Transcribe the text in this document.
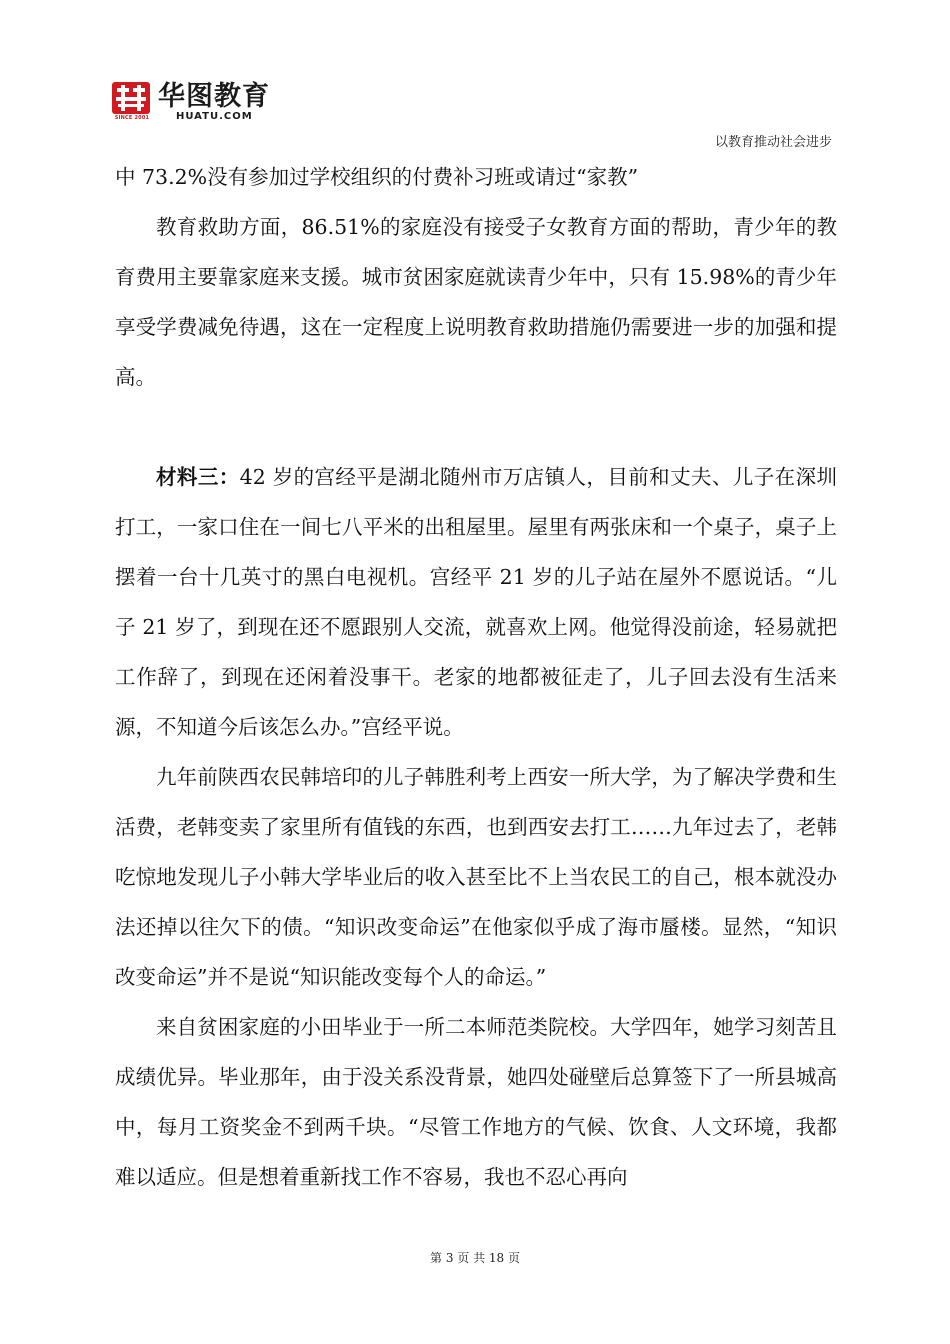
SINCE 2001
华图教育
HUATU.COM
以教育推动社会进步

中 73.2%没有参加过学校组织的付费补习班或请过“家教”

教育救助方面，86.51%的家庭没有接受子女教育方面的帮助，青少年的教育费用主要靠家庭来支援。城市贫困家庭就读青少年中，只有 15.98%的青少年享受学费减免待遇，这在一定程度上说明教育救助措施仍需要进一步的加强和提高。

材料三：42 岁的宫经平是湖北随州市万店镇人，目前和丈夫、儿子在深圳打工，一家口住在一间七八平米的出租屋里。屋里有两张床和一个桌子，桌子上摆着一台十几英寸的黑白电视机。宫经平 21 岁的儿子站在屋外不愿说话。“儿子 21 岁了，到现在还不愿跟别人交流，就喜欢上网。他觉得没前途，轻易就把工作辞了，到现在还闲着没事干。老家的地都被征走了，儿子回去没有生活来源，不知道今后该怎么办。”宫经平说。

九年前陕西农民韩培印的儿子韩胜利考上西安一所大学，为了解决学费和生活费，老韩变卖了家里所有值钱的东西，也到西安去打工……九年过去了，老韩吃惊地发现儿子小韩大学毕业后的收入甚至比不上当农民工的自己，根本就没办法还掉以往欠下的债。“知识改变命运”在他家似乎成了海市蜃楼。显然，“知识改变命运”并不是说“知识能改变每个人的命运。”

来自贫困家庭的小田毕业于一所二本师范类院校。大学四年，她学习刻苦且成绩优异。毕业那年，由于没关系没背景，她四处碰壁后总算签下了一所县城高中，每月工资奖金不到两千块。“尽管工作地方的气候、饮食、人文环境，我都难以适应。但是想着重新找工作不容易，我也不忍心再向

第 3 页 共 18 页
